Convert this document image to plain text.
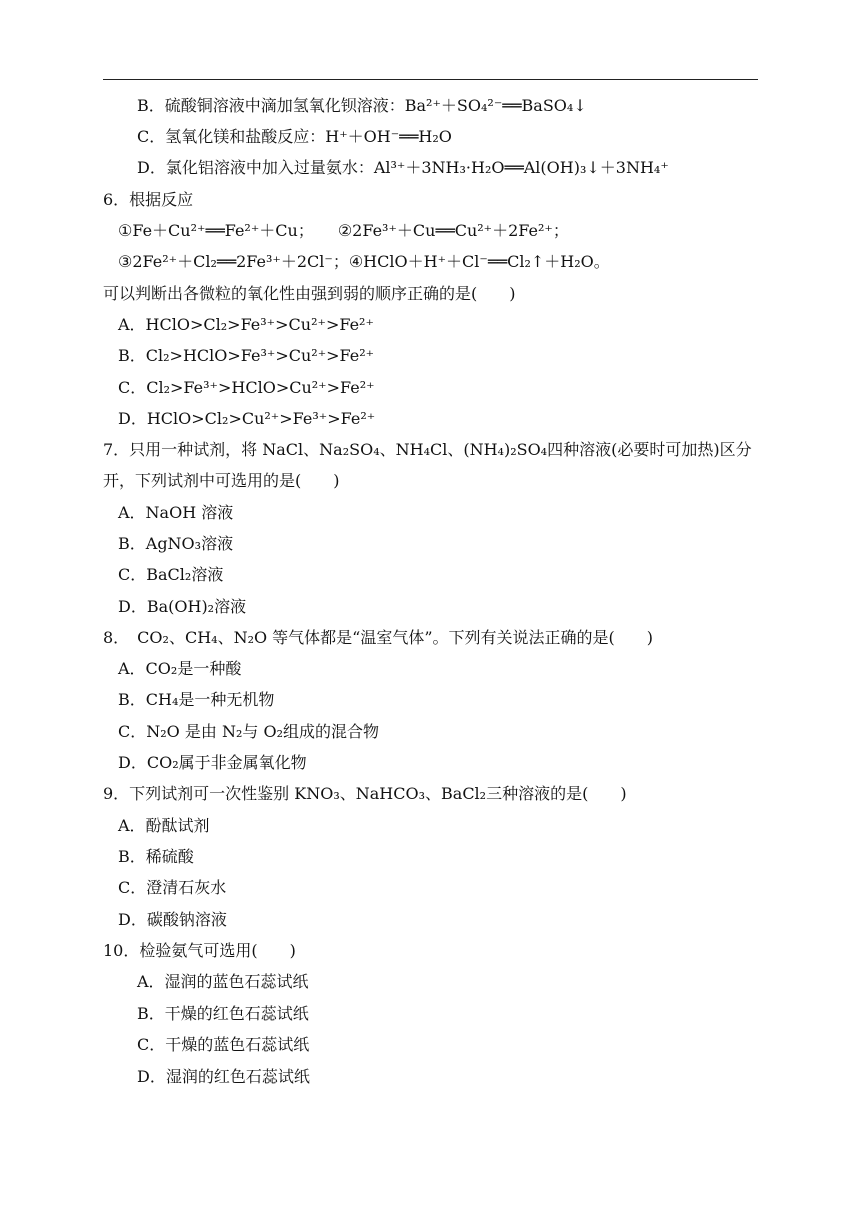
B．硫酸铜溶液中滴加氢氧化钡溶液：Ba²⁺＋SO₄²⁻══BaSO₄↓
C．氢氧化镁和盐酸反应：H⁺＋OH⁻══H₂O
D．氯化铝溶液中加入过量氨水：Al³⁺＋3NH₃·H₂O══Al(OH)₃↓＋3NH₄⁺
6．根据反应
①Fe＋Cu²⁺══Fe²⁺＋Cu；　　②2Fe³⁺＋Cu══Cu²⁺＋2Fe²⁺；
③2Fe²⁺＋Cl₂══2Fe³⁺＋2Cl⁻；④HClO＋H⁺＋Cl⁻══Cl₂↑＋H₂O。
可以判断出各微粒的氧化性由强到弱的顺序正确的是(　　)
A．HClO>Cl₂>Fe³⁺>Cu²⁺>Fe²⁺
B．Cl₂>HClO>Fe³⁺>Cu²⁺>Fe²⁺
C．Cl₂>Fe³⁺>HClO>Cu²⁺>Fe²⁺
D．HClO>Cl₂>Cu²⁺>Fe³⁺>Fe²⁺
7．只用一种试剂，将 NaCl、Na₂SO₄、NH₄Cl、(NH₄)₂SO₄四种溶液(必要时可加热)区分
开，下列试剂中可选用的是(　　)
A．NaOH 溶液
B．AgNO₃溶液
C．BaCl₂溶液
D．Ba(OH)₂溶液
8．　CO₂、CH₄、N₂O 等气体都是“温室气体”。下列有关说法正确的是(　　)
A．CO₂是一种酸
B．CH₄是一种无机物
C．N₂O 是由 N₂与 O₂组成的混合物
D．CO₂属于非金属氧化物
9．下列试剂可一次性鉴别 KNO₃、NaHCO₃、BaCl₂三种溶液的是(　　)
A．酚酞试剂
B．稀硫酸
C．澄清石灰水
D．碳酸钠溶液
10．检验氨气可选用(　　)
A．湿润的蓝色石蕊试纸
B．干燥的红色石蕊试纸
C．干燥的蓝色石蕊试纸
D．湿润的红色石蕊试纸
